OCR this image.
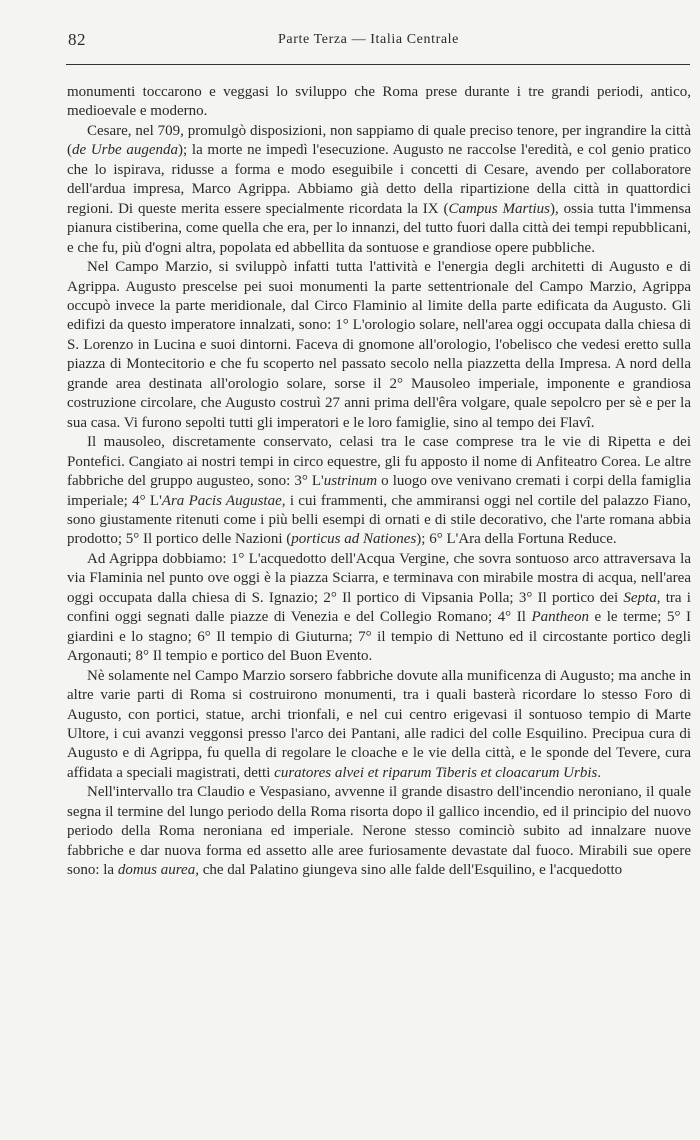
82	Parte Terza — Italia Centrale

monumenti toccarono e veggasi lo sviluppo che Roma prese durante i tre grandi periodi, antico, medioevale e moderno.

Cesare, nel 709, promulgò disposizioni, non sappiamo di quale preciso tenore, per ingrandire la città (de Urbe augenda); la morte ne impedì l'esecuzione. Augusto ne raccolse l'eredità, e col genio pratico che lo ispirava, ridusse a forma e modo eseguibile i concetti di Cesare, avendo per collaboratore dell'ardua impresa, Marco Agrippa. Abbiamo già detto della ripartizione della città in quattordici regioni. Di queste merita essere specialmente ricordata la IX (Campus Martius), ossia tutta l'immensa pianura cistiberina, come quella che era, per lo innanzi, del tutto fuori dalla città dei tempi repubblicani, e che fu, più d'ogni altra, popolata ed abbellita da sontuose e grandiose opere pubbliche.

Nel Campo Marzio, si sviluppò infatti tutta l'attività e l'energia degli architetti di Augusto e di Agrippa. Augusto prescelse pei suoi monumenti la parte settentrionale del Campo Marzio, Agrippa occupò invece la parte meridionale, dal Circo Flaminio al limite della parte edificata da Augusto. Gli edifizi da questo imperatore innalzati, sono: 1° L'orologio solare, nell'area oggi occupata dalla chiesa di S. Lorenzo in Lucina e suoi dintorni. Faceva di gnomone all'orologio, l'obelisco che vedesi eretto sulla piazza di Montecitorio e che fu scoperto nel passato secolo nella piazzetta della Impresa. A nord della grande area destinata all'orologio solare, sorse il 2° Mausoleo imperiale, imponente e grandiosa costruzione circolare, che Augusto costruì 27 anni prima dell'êra volgare, quale sepolcro per sè e per la sua casa. Vi furono sepolti tutti gli imperatori e le loro famiglie, sino al tempo dei Flavî.

Il mausoleo, discretamente conservato, celasi tra le case comprese tra le vie di Ripetta e dei Pontefici. Cangiato ai nostri tempi in circo equestre, gli fu apposto il nome di Anfiteatro Corea. Le altre fabbriche del gruppo augusteo, sono: 3° L'ustrinum o luogo ove venivano cremati i corpi della famiglia imperiale; 4° L'Ara Pacis Augustae, i cui frammenti, che ammiransi oggi nel cortile del palazzo Fiano, sono giustamente ritenuti come i più belli esempi di ornati e di stile decorativo, che l'arte romana abbia prodotto; 5° Il portico delle Nazioni (porticus ad Nationes); 6° L'Ara della Fortuna Reduce.

Ad Agrippa dobbiamo: 1° L'acquedotto dell'Acqua Vergine, che sovra sontuoso arco attraversava la via Flaminia nel punto ove oggi è la piazza Sciarra, e terminava con mirabile mostra di acqua, nell'area oggi occupata dalla chiesa di S. Ignazio; 2° Il portico di Vipsania Polla; 3° Il portico dei Septa, tra i confini oggi segnati dalle piazze di Venezia e del Collegio Romano; 4° Il Pantheon e le terme; 5° I giardini e lo stagno; 6° Il tempio di Giuturna; 7° il tempio di Nettuno ed il circostante portico degli Argonauti; 8° Il tempio e portico del Buon Evento.

Nè solamente nel Campo Marzio sorsero fabbriche dovute alla munificenza di Augusto; ma anche in altre varie parti di Roma si costruirono monumenti, tra i quali basterà ricordare lo stesso Foro di Augusto, con portici, statue, archi trionfali, e nel cui centro erigevasi il sontuoso tempio di Marte Ultore, i cui avanzi veggonsi presso l'arco dei Pantani, alle radici del colle Esquilino. Precipua cura di Augusto e di Agrippa, fu quella di regolare le cloache e le vie della città, e le sponde del Tevere, cura affidata a speciali magistrati, detti curatores alvei et riparum Tiberis et cloacarum Urbis.

Nell'intervallo tra Claudio e Vespasiano, avvenne il grande disastro dell'incendio neroniano, il quale segna il termine del lungo periodo della Roma risorta dopo il gallico incendio, ed il principio del nuovo periodo della Roma neroniana ed imperiale. Nerone stesso cominciò subito ad innalzare nuove fabbriche e dar nuova forma ed assetto alle aree furiosamente devastate dal fuoco. Mirabili sue opere sono: la domus aurea, che dal Palatino giungeva sino alle falde dell'Esquilino, e l'acquedotto
